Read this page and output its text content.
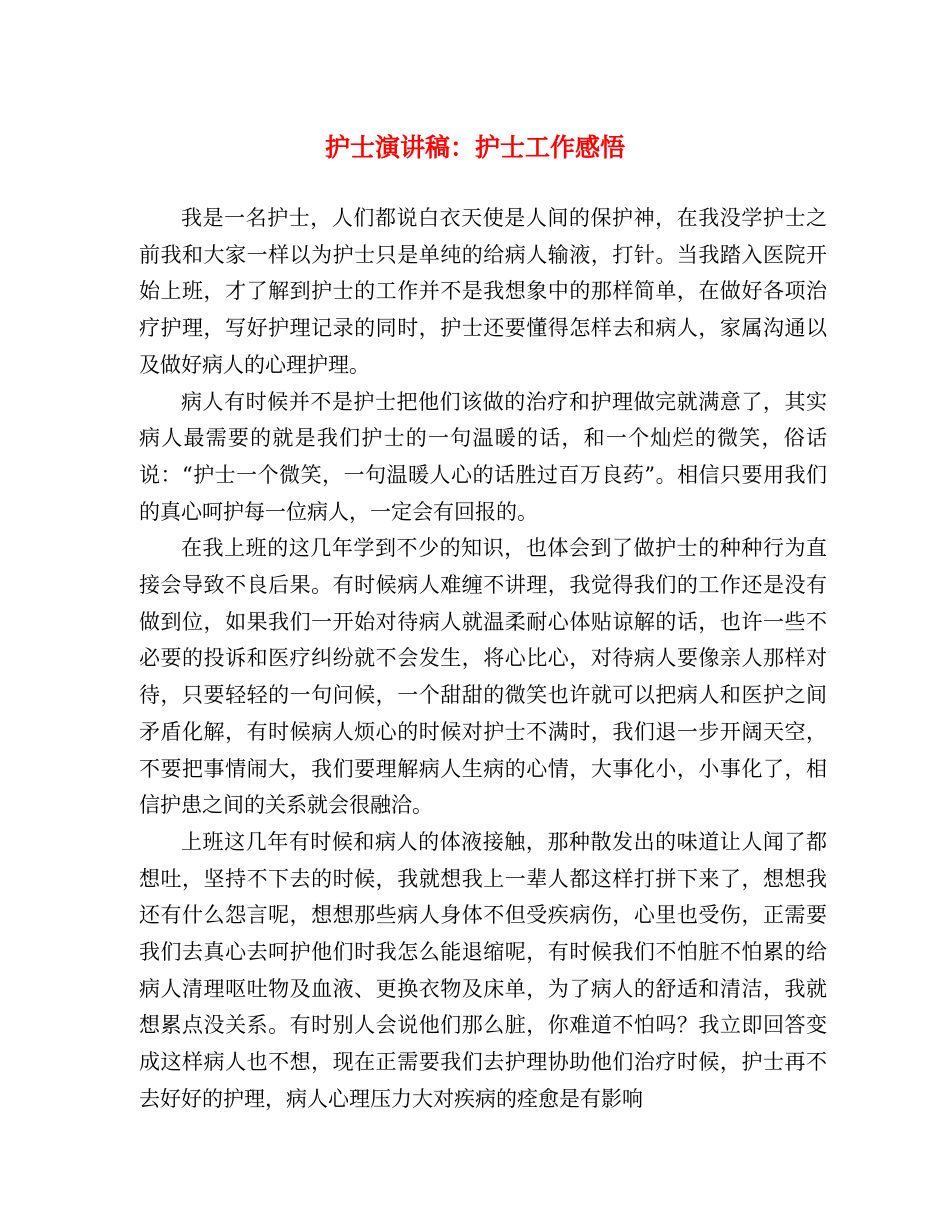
护士演讲稿：护士工作感悟

我是一名护士，人们都说白衣天使是人间的保护神，在我没学护士之前我和大家一样以为护士只是单纯的给病人输液，打针。当我踏入医院开始上班，才了解到护士的工作并不是我想象中的那样简单，在做好各项治疗护理，写好护理记录的同时，护士还要懂得怎样去和病人，家属沟通以及做好病人的心理护理。

病人有时候并不是护士把他们该做的治疗和护理做完就满意了，其实病人最需要的就是我们护士的一句温暖的话，和一个灿烂的微笑，俗话说：“护士一个微笑，一句温暖人心的话胜过百万良药”。相信只要用我们的真心呵护每一位病人，一定会有回报的。

在我上班的这几年学到不少的知识，也体会到了做护士的种种行为直接会导致不良后果。有时候病人难缠不讲理，我觉得我们的工作还是没有做到位，如果我们一开始对待病人就温柔耐心体贴谅解的话，也许一些不必要的投诉和医疗纠纷就不会发生，将心比心，对待病人要像亲人那样对待，只要轻轻的一句问候，一个甜甜的微笑也许就可以把病人和医护之间矛盾化解，有时候病人烦心的时候对护士不满时，我们退一步开阔天空，不要把事情闹大，我们要理解病人生病的心情，大事化小，小事化了，相信护患之间的关系就会很融洽。

上班这几年有时候和病人的体液接触，那种散发出的味道让人闻了都想吐，坚持不下去的时候，我就想我上一辈人都这样打拼下来了，想想我还有什么怨言呢，想想那些病人身体不但受疾病伤，心里也受伤，正需要我们去真心去呵护他们时我怎么能退缩呢，有时候我们不怕脏不怕累的给病人清理呕吐物及血液、更换衣物及床单，为了病人的舒适和清洁，我就想累点没关系。有时别人会说他们那么脏，你难道不怕吗？我立即回答变成这样病人也不想，现在正需要我们去护理协助他们治疗时候，护士再不去好好的护理，病人心理压力大对疾病的痊愈是有影响
